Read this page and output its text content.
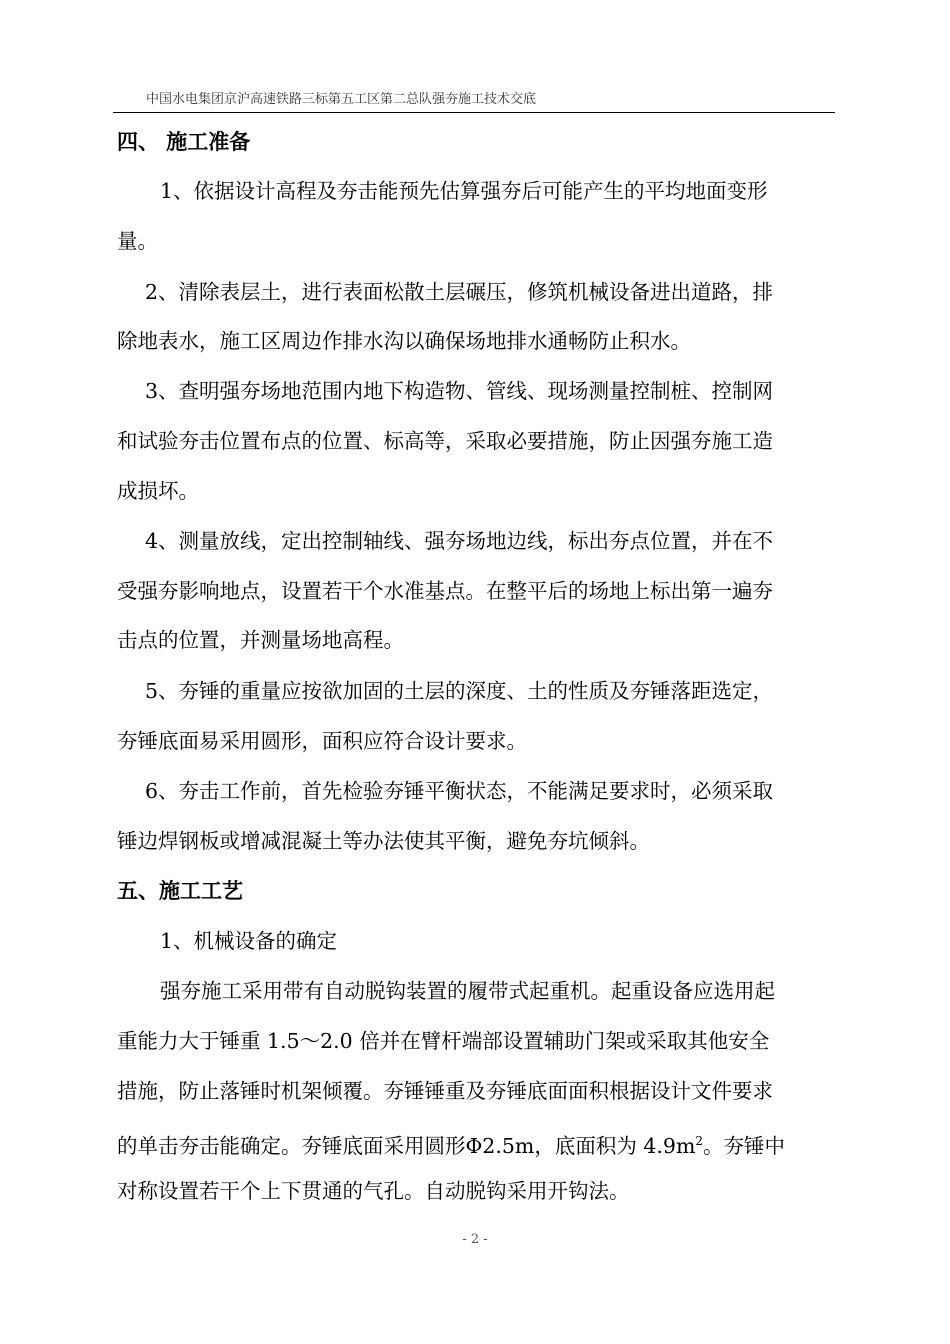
中国水电集团京沪高速铁路三标第五工区第二总队强夯施工技术交底
四、 施工准备
1、依据设计高程及夯击能预先估算强夯后可能产生的平均地面变形
量。
2、清除表层土，进行表面松散土层碾压，修筑机械设备进出道路，排
除地表水，施工区周边作排水沟以确保场地排水通畅防止积水。
3、查明强夯场地范围内地下构造物、管线、现场测量控制桩、控制网
和试验夯击位置布点的位置、标高等，采取必要措施，防止因强夯施工造
成损坏。
4、测量放线，定出控制轴线、强夯场地边线，标出夯点位置，并在不
受强夯影响地点，设置若干个水准基点。在整平后的场地上标出第一遍夯
击点的位置，并测量场地高程。
5、夯锤的重量应按欲加固的土层的深度、土的性质及夯锤落距选定，
夯锤底面易采用圆形，面积应符合设计要求。
6、夯击工作前，首先检验夯锤平衡状态，不能满足要求时，必须采取
锤边焊钢板或增减混凝土等办法使其平衡，避免夯坑倾斜。
五、施工工艺
1、机械设备的确定
强夯施工采用带有自动脱钩装置的履带式起重机。起重设备应选用起
重能力大于锤重 1.5～2.0 倍并在臂杆端部设置辅助门架或采取其他安全
措施，防止落锤时机架倾覆。夯锤锤重及夯锤底面面积根据设计文件要求
的单击夯击能确定。夯锤底面采用圆形Φ2.5m，底面积为 $4.9m^2$。夯锤中
对称设置若干个上下贯通的气孔。自动脱钩采用开钩法。
- 2 -
